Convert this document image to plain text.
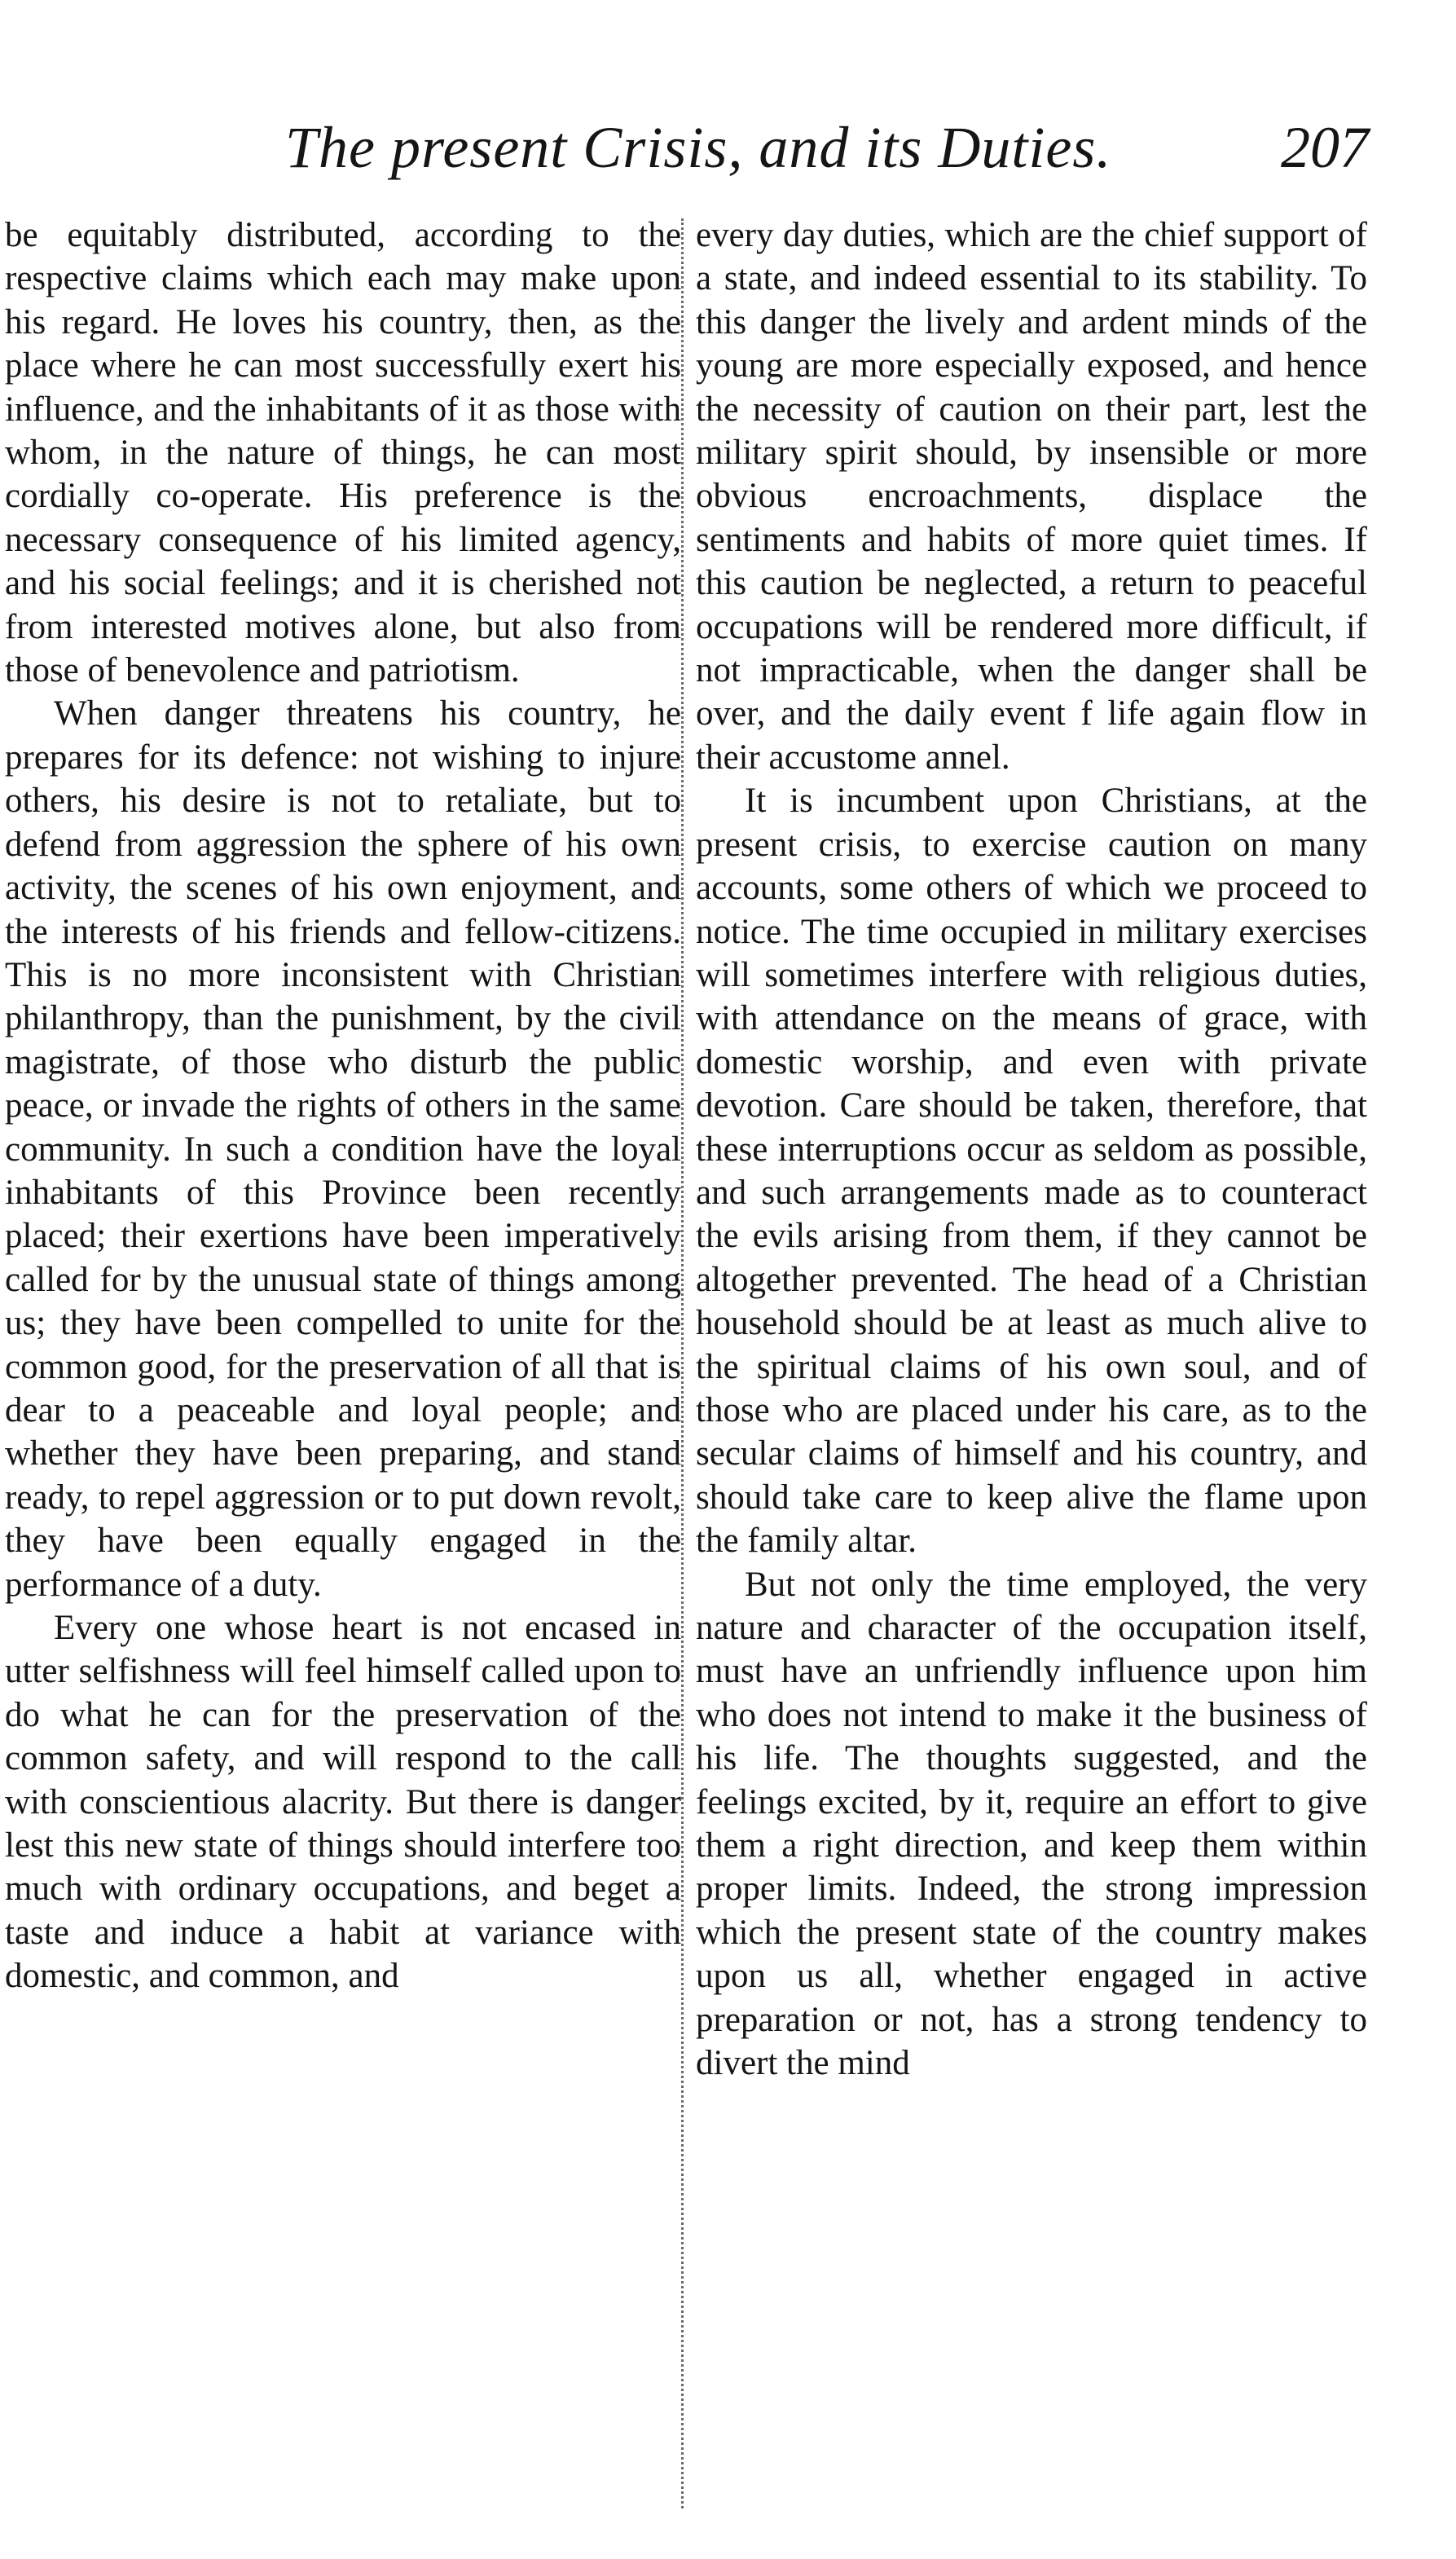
The present Crisis, and its Duties.	207

be equitably distributed, according to the respective claims which each may make upon his regard. He loves his country, then, as the place where he can most successfully exert his influence, and the inhabitants of it as those with whom, in the nature of things, he can most cordially co-operate. His preference is the necessary consequence of his limited agency, and his social feelings; and it is cherished not from interested motives alone, but also from those of benevolence and patriotism.

When danger threatens his country, he prepares for its defence: not wishing to injure others, his desire is not to retaliate, but to defend from aggression the sphere of his own activity, the scenes of his own enjoyment, and the interests of his friends and fellow-citizens. This is no more inconsistent with Christian philanthropy, than the punishment, by the civil magistrate, of those who disturb the public peace, or invade the rights of others in the same community. In such a condition have the loyal inhabitants of this Province been recently placed; their exertions have been imperatively called for by the unusual state of things among us; they have been compelled to unite for the common good, for the preservation of all that is dear to a peaceable and loyal people; and whether they have been preparing, and stand ready, to repel aggression or to put down revolt, they have been equally engaged in the performance of a duty.

Every one whose heart is not encased in utter selfishness will feel himself called upon to do what he can for the preservation of the common safety, and will respond to the call with conscientious alacrity. But there is danger lest this new state of things should interfere too much with ordinary occupations, and beget a taste and induce a habit at variance with domestic, and common, and

every day duties, which are the chief support of a state, and indeed essential to its stability. To this danger the lively and ardent minds of the young are more especially exposed, and hence the necessity of caution on their part, lest the military spirit should, by insensible or more obvious encroachments, displace the sentiments and habits of more quiet times. If this caution be neglected, a return to peaceful occupations will be rendered more difficult, if not impracticable, when the danger shall be over, and the daily event f life again flow in their accustome annel.

It is incumbent upon Christians, at the present crisis, to exercise caution on many accounts, some others of which we proceed to notice. The time occupied in military exercises will sometimes interfere with religious duties, with attendance on the means of grace, with domestic worship, and even with private devotion. Care should be taken, therefore, that these interruptions occur as seldom as possible, and such arrangements made as to counteract the evils arising from them, if they cannot be altogether prevented. The head of a Christian household should be at least as much alive to the spiritual claims of his own soul, and of those who are placed under his care, as to the secular claims of himself and his country, and should take care to keep alive the flame upon the family altar.

But not only the time employed, the very nature and character of the occupation itself, must have an unfriendly influence upon him who does not intend to make it the business of his life. The thoughts suggested, and the feelings excited, by it, require an effort to give them a right direction, and keep them within proper limits. Indeed, the strong impression which the present state of the country makes upon us all, whether engaged in active preparation or not, has a strong tendency to divert the mind
